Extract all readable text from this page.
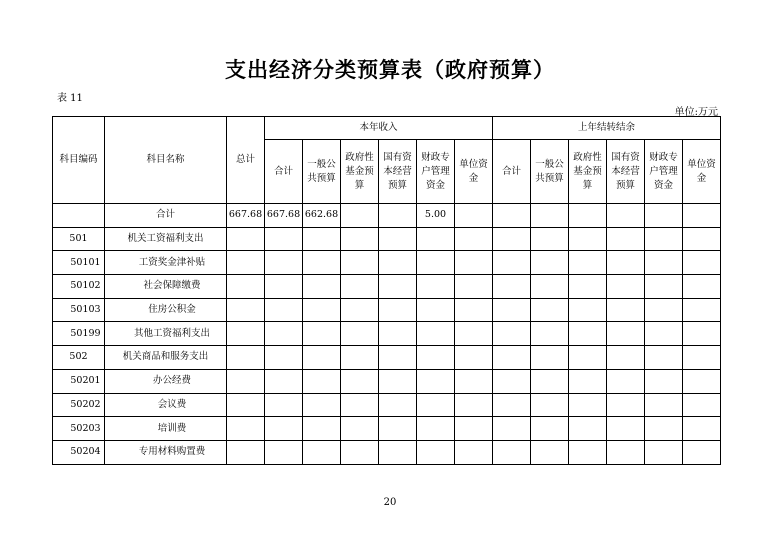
支出经济分类预算表（政府预算）
表 11
单位:万元
科目编码	科目名称	总计	本年收入						上年结转结余					

			合计	一般公
共预算	政府性
基金预
算	国有资
本经营
预算	财政专
户管理
资金	单位资
金	合计	一般公
共预算	政府性
基金预
算	国有资
本经营
预算	财政专
户管理
资金	单位资
金

	合计	667.68	667.68	662.68			5.00							
501	机关工资福利支出													
50101	工资奖金津补贴													
50102	社会保障缴费													
50103	住房公积金													
50199	其他工资福利支出													
502	机关商品和服务支出													
50201	办公经费													
50202	会议费													
50203	培训费													
50204	专用材料购置费													
20
